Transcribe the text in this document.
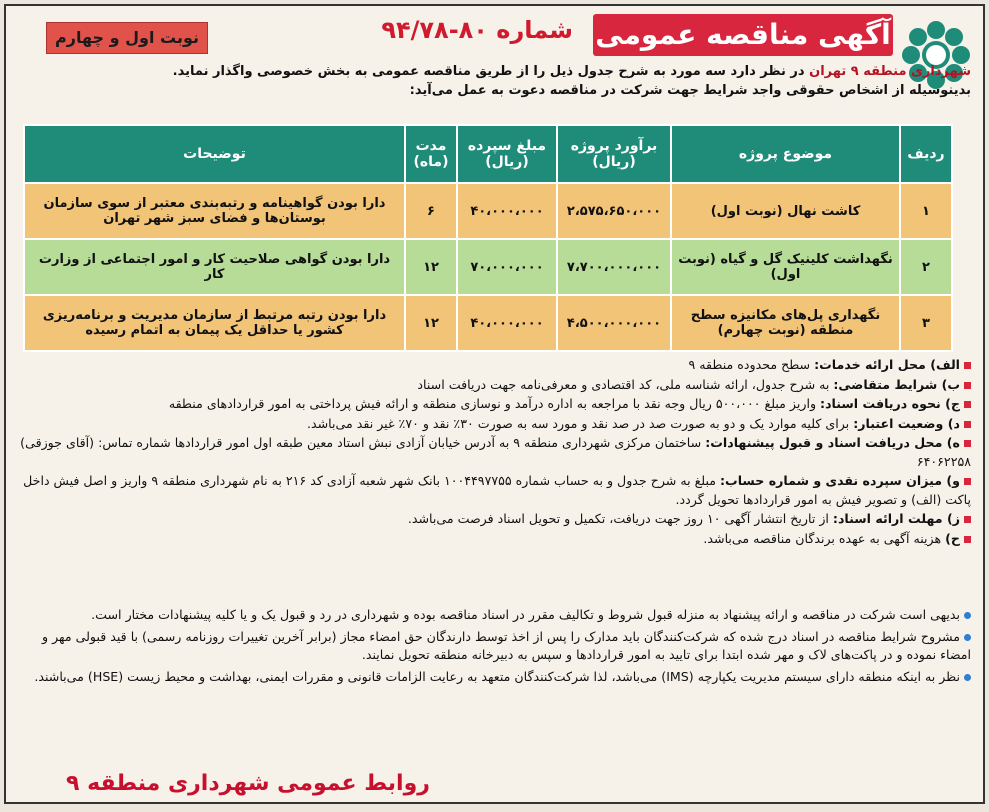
آگهی مناقصه عمومی
شماره ۸۰-۹۴/۷۸
نوبت اول و چهارم
شهرداری منطقه ۹ تهران در نظر دارد سه مورد به شرح جدول ذیل را از طریق مناقصه عمومی به بخش خصوصی واگذار نماید.
بدینوسیله از اشخاص حقوقی واجد شرایط جهت شرکت در مناقصه دعوت به عمل می‌آید:
ردیف	موضوع پروژه	برآورد پروژه (ریال)	مبلغ سپرده (ریال)	مدت (ماه)	توضیحات
۱	کاشت نهال (نوبت اول)	۲،۵۷۵،۶۵۰،۰۰۰	۴۰،۰۰۰،۰۰۰	۶	دارا بودن گواهینامه و رتبه‌بندی معتبر از سوی سازمان بوستان‌ها و فضای سبز شهر تهران
۲	نگهداشت کلینیک گل و گیاه (نوبت اول)	۷،۷۰۰،۰۰۰،۰۰۰	۷۰،۰۰۰،۰۰۰	۱۲	دارا بودن گواهی صلاحیت کار و امور اجتماعی از وزارت کار
۳	نگهداری پل‌های مکانیزه سطح منطقه (نوبت چهارم)	۴،۵۰۰،۰۰۰،۰۰۰	۴۰،۰۰۰،۰۰۰	۱۲	دارا بودن رتبه مرتبط از سازمان مدیریت و برنامه‌ریزی کشور یا حداقل یک پیمان به اتمام رسیده
الف) محل ارائه خدمات: سطح محدوده منطقه ۹
ب) شرایط متقاضی: به شرح جدول، ارائه شناسه ملی، کد اقتصادی و معرفی‌نامه جهت دریافت اسناد
ج) نحوه دریافت اسناد: واریز مبلغ ۵۰۰،۰۰۰ ریال وجه نقد با مراجعه به اداره درآمد و نوسازی منطقه و ارائه فیش پرداختی به امور قراردادهای منطقه
د) وضعیت اعتبار: برای کلیه موارد یک و دو به صورت صد در صد نقد و مورد سه به صورت ۳۰٪ نقد و ۷۰٪ غیر نقد می‌باشد.
ه) محل دریافت اسناد و قبول پیشنهادات: ساختمان مرکزی شهرداری منطقه ۹ به آدرس خیابان آزادی نبش استاد معین طبقه اول امور قراردادها شماره تماس: (آقای جوزقی) ۶۴۰۶۲۲۵۸
و) میزان سپرده نقدی و شماره حساب: مبلغ به شرح جدول و به حساب شماره ۱۰۰۴۴۹۷۷۵۵ بانک شهر شعبه آزادی کد ۲۱۶ به نام شهرداری منطقه ۹ واریز و اصل فیش داخل پاکت (الف) و تصویر فیش به امور قراردادها تحویل گردد.
ز) مهلت ارائه اسناد: از تاریخ انتشار آگهی ۱۰ روز جهت دریافت، تکمیل و تحویل اسناد فرصت می‌باشد.
ح) هزینه آگهی به عهده برندگان مناقصه می‌باشد.
بدیهی است شرکت در مناقصه و ارائه پیشنهاد به منزله قبول شروط و تکالیف مقرر در اسناد مناقصه بوده و شهرداری در رد و قبول یک و یا کلیه پیشنهادات مختار است.
مشروح شرایط مناقصه در اسناد درج شده که شرکت‌کنندگان باید مدارک را پس از اخذ توسط دارندگان حق امضاء مجاز (برابر آخرین تغییرات روزنامه رسمی) با قید قبولی مهر و امضاء نموده و در پاکت‌های لاک و مهر شده ابتدا برای تایید به امور قراردادها و سپس به دبیرخانه منطقه تحویل نمایند.
نظر به اینکه منطقه دارای سیستم مدیریت یکپارچه (IMS) می‌باشد، لذا شرکت‌کنندگان متعهد به رعایت الزامات قانونی و مقررات ایمنی، بهداشت و محیط زیست (HSE) می‌باشند.
روابط عمومی شهرداری منطقه ۹
